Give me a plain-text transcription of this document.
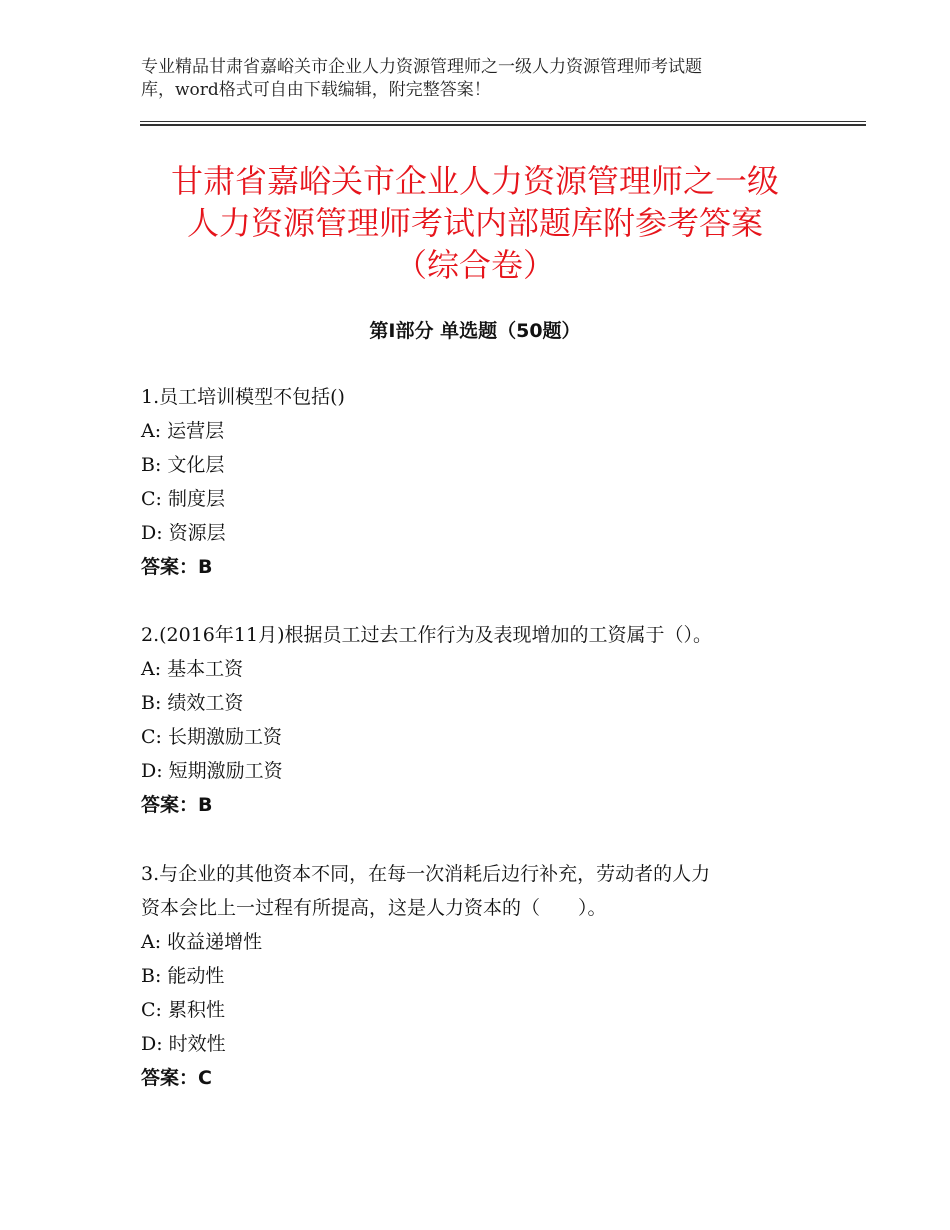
专业精品甘肃省嘉峪关市企业人力资源管理师之一级人力资源管理师考试题
库，word格式可自由下载编辑，附完整答案！
甘肃省嘉峪关市企业人力资源管理师之一级
人力资源管理师考试内部题库附参考答案
（综合卷）
第Ⅰ部分 单选题（50题）

1.员工培训模型不包括()

A: 运营层

B: 文化层

C: 制度层

D: 资源层

答案：B

2.(2016年11月)根据员工过去工作行为及表现增加的工资属于（）。

A: 基本工资

B: 绩效工资

C: 长期激励工资

D: 短期激励工资

答案：B

3.与企业的其他资本不同，在每一次消耗后边行补充，劳动者的人力

资本会比上一过程有所提高，这是人力资本的（　　）。

A: 收益递增性

B: 能动性

C: 累积性

D: 时效性

答案：C
